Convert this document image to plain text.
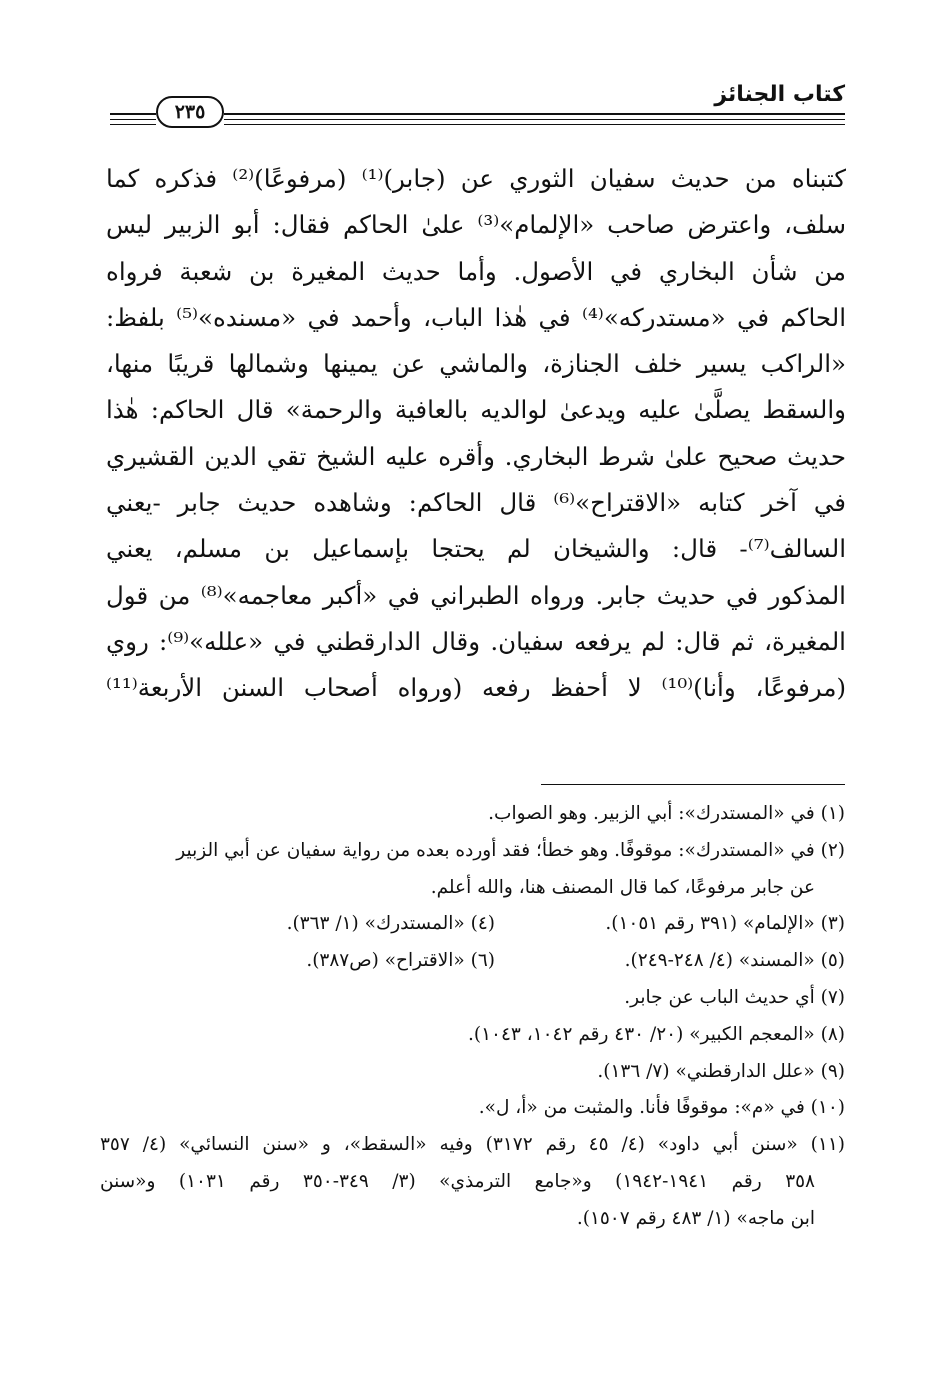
٢٣٥
كتاب الجنائز
كتبناه من حديث سفيان الثوري عن (جابر)⁽¹⁾ (مرفوعًا)⁽²⁾ فذكره كما
سلف، واعترض صاحب «الإلمام»⁽³⁾ علىٰ الحاكم فقال: أبو الزبير ليس
من شأن البخاري في الأصول. وأما حديث المغيرة بن شعبة فرواه
الحاكم في «مستدركه»⁽⁴⁾ في هٰذا الباب، وأحمد في «مسنده»⁽⁵⁾ بلفظ:
«الراكب يسير خلف الجنازة، والماشي عن يمينها وشمالها قريبًا منها،
والسقط يصلَّىٰ عليه ويدعىٰ لوالديه بالعافية والرحمة» قال الحاكم: هٰذا
حديث صحيح علىٰ شرط البخاري. وأقره عليه الشيخ تقي الدين القشيري
في آخر كتابه «الاقتراح»⁽⁶⁾ قال الحاكم: وشاهده حديث جابر -يعني
السالف⁽⁷⁾- قال: والشيخان لم يحتجا بإسماعيل بن مسلم، يعني
المذكور في حديث جابر. ورواه الطبراني في «أكبر معاجمه»⁽⁸⁾ من قول
المغيرة، ثم قال: لم يرفعه سفيان. وقال الدارقطني في «علله»⁽⁹⁾: روي
(مرفوعًا، وأنا)⁽¹⁰⁾ لا أحفظ رفعه (ورواه أصحاب السنن الأربعة⁽¹¹⁾
(١) في «المستدرك»: أبي الزبير. وهو الصواب.
(٢) في «المستدرك»: موقوفًا. وهو خطأ؛ فقد أورده بعده من رواية سفيان عن أبي الزبير
عن جابر مرفوعًا، كما قال المصنف هنا، والله أعلم.
(٣) «الإلمام» (٣٩١ رقم ١٠٥١).
(٤) «المستدرك» (١/ ٣٦٣).
(٥) «المسند» (٤/ ٢٤٨-٢٤٩).
(٦) «الاقتراح» (ص٣٨٧).
(٧) أي حديث الباب عن جابر.
(٨) «المعجم الكبير» (٢٠/ ٤٣٠ رقم ١٠٤٢، ١٠٤٣).
(٩) «علل الدارقطني» (٧/ ١٣٦).
(١٠) في «م»: موقوفًا فأنا. والمثبت من «أ، ل».
(١١) «سنن أبي داود» (٤/ ٤٥ رقم ٣١٧٢) وفيه «السقط»، و «سنن النسائي» (٤/ ٣٥٧
٣٥٨ رقم ١٩٤١-١٩٤٢) و«جامع الترمذي» (٣/ ٣٤٩-٣٥٠ رقم ١٠٣١) و«سنن
ابن ماجه» (١/ ٤٨٣ رقم ١٥٠٧).
